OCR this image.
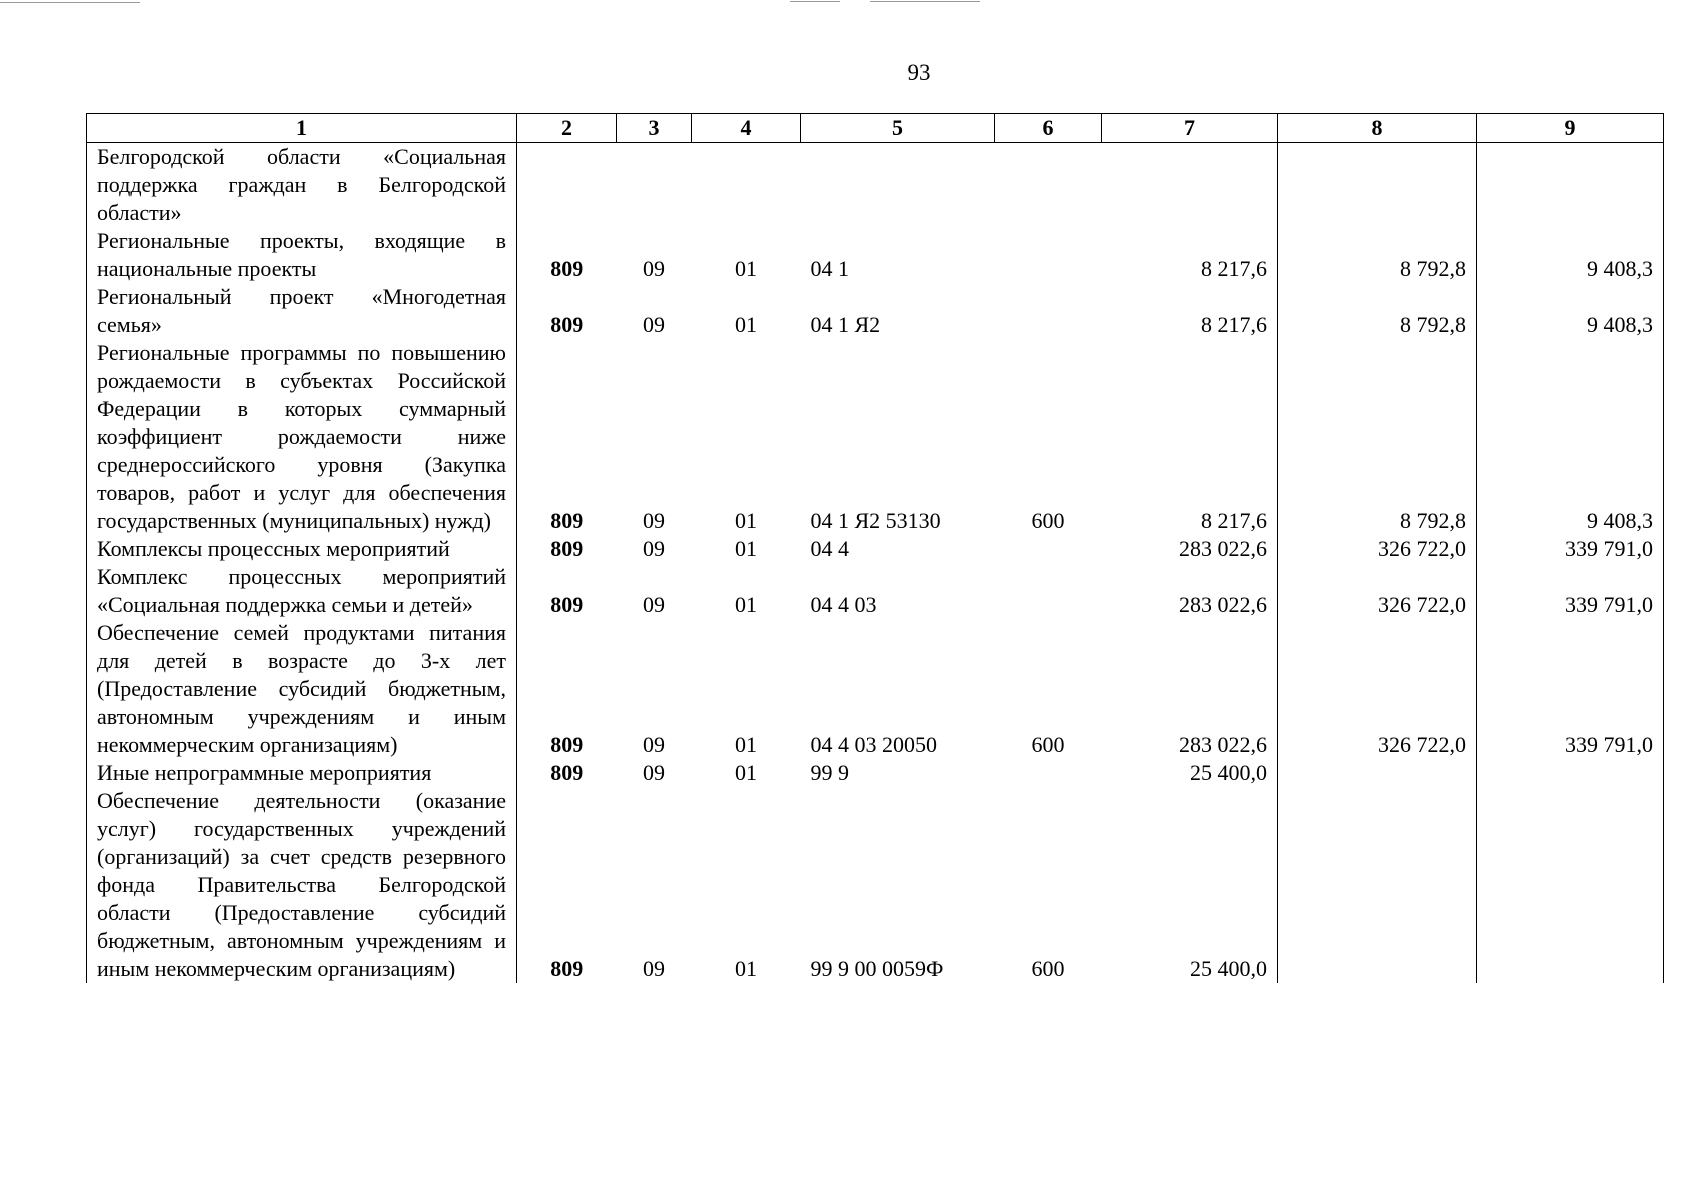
93
1	2	3	4	5	6	7	8	9
Белгородской области «Социальная поддержка граждан в Белгородской области»								
Региональные проекты, входящие в национальные проекты	809	09	01	04 1		8 217,6	8 792,8	9 408,3
Региональный проект «Многодетная семья»	809	09	01	04 1 Я2		8 217,6	8 792,8	9 408,3
Региональные программы по повышению рождаемости в субъектах Российской Федерации в которых суммарный коэффициент рождаемости ниже среднероссийского уровня (Закупка товаров, работ и услуг для обеспечения государственных (муниципальных) нужд)	809	09	01	04 1 Я2 53130	600	8 217,6	8 792,8	9 408,3
Комплексы процессных мероприятий	809	09	01	04 4		283 022,6	326 722,0	339 791,0
Комплекс процессных мероприятий «Социальная поддержка семьи и детей»	809	09	01	04 4 03		283 022,6	326 722,0	339 791,0
Обеспечение семей продуктами питания для детей в возрасте до 3-х лет (Предоставление субсидий бюджетным, автономным учреждениям и иным некоммерческим организациям)	809	09	01	04 4 03 20050	600	283 022,6	326 722,0	339 791,0
Иные непрограммные мероприятия	809	09	01	99 9		25 400,0		
Обеспечение деятельности (оказание услуг) государственных учреждений (организаций) за счет средств резервного фонда Правительства Белгородской области (Предоставление субсидий бюджетным, автономным учреждениям и иным некоммерческим организациям)	809	09	01	99 9 00 0059Ф	600	25 400,0		
